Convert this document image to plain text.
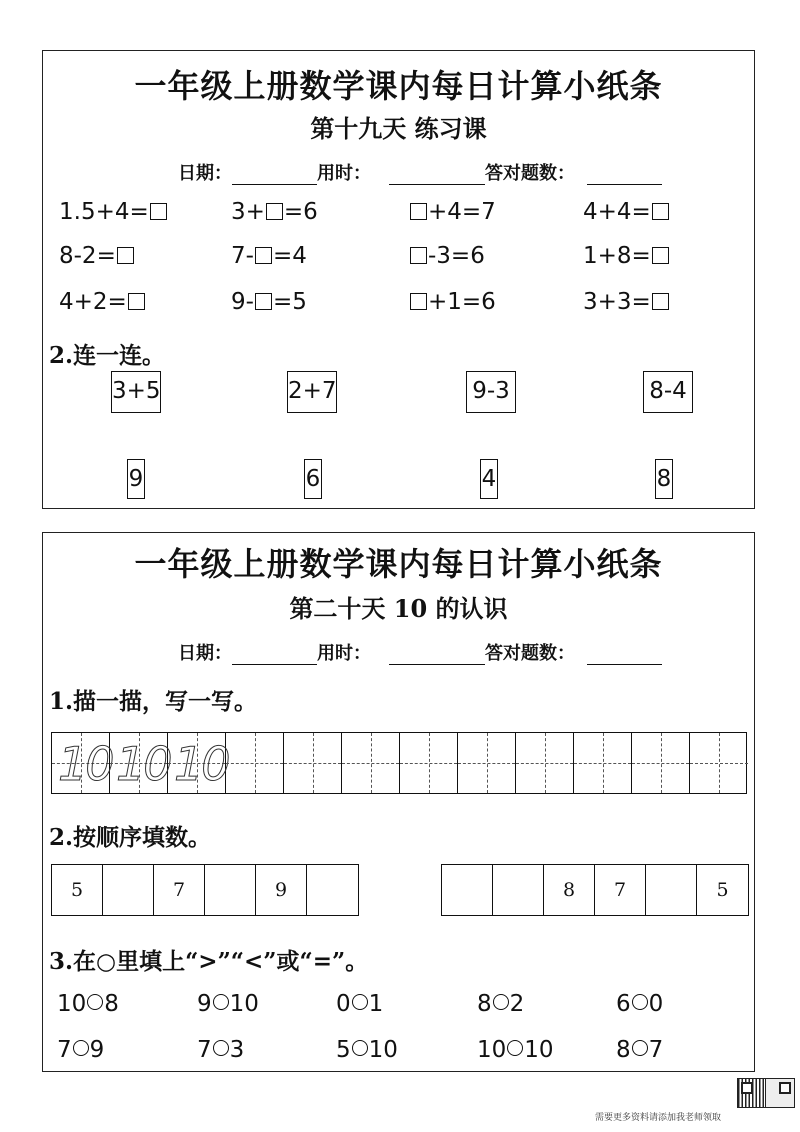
一年级上册数学课内每日计算小纸条
第十九天 练习课
日期：	用时：	答对题数：
1.5+4=	3+ =6	+4=7	4+4=
8-2=	7- =4	-3=6	1+8=
4+2=	9- =5	+1=6	3+3=
2.连一连。
3+5	2+7	9-3	8-4
9	6	4	8
一年级上册数学课内每日计算小纸条
第二十天 10 的认识
日期：	用时：	答对题数：
1.描一描，写一写。
10 10 10
2.按顺序填数。
5	7	9	8	7	5
3.在○里填上“>”“<”或“=”。
10 8	9 10	0 1	8 2	6 0
7 9	7 3	5 10	10 10	8 7
需要更多资料请添加我老师领取
